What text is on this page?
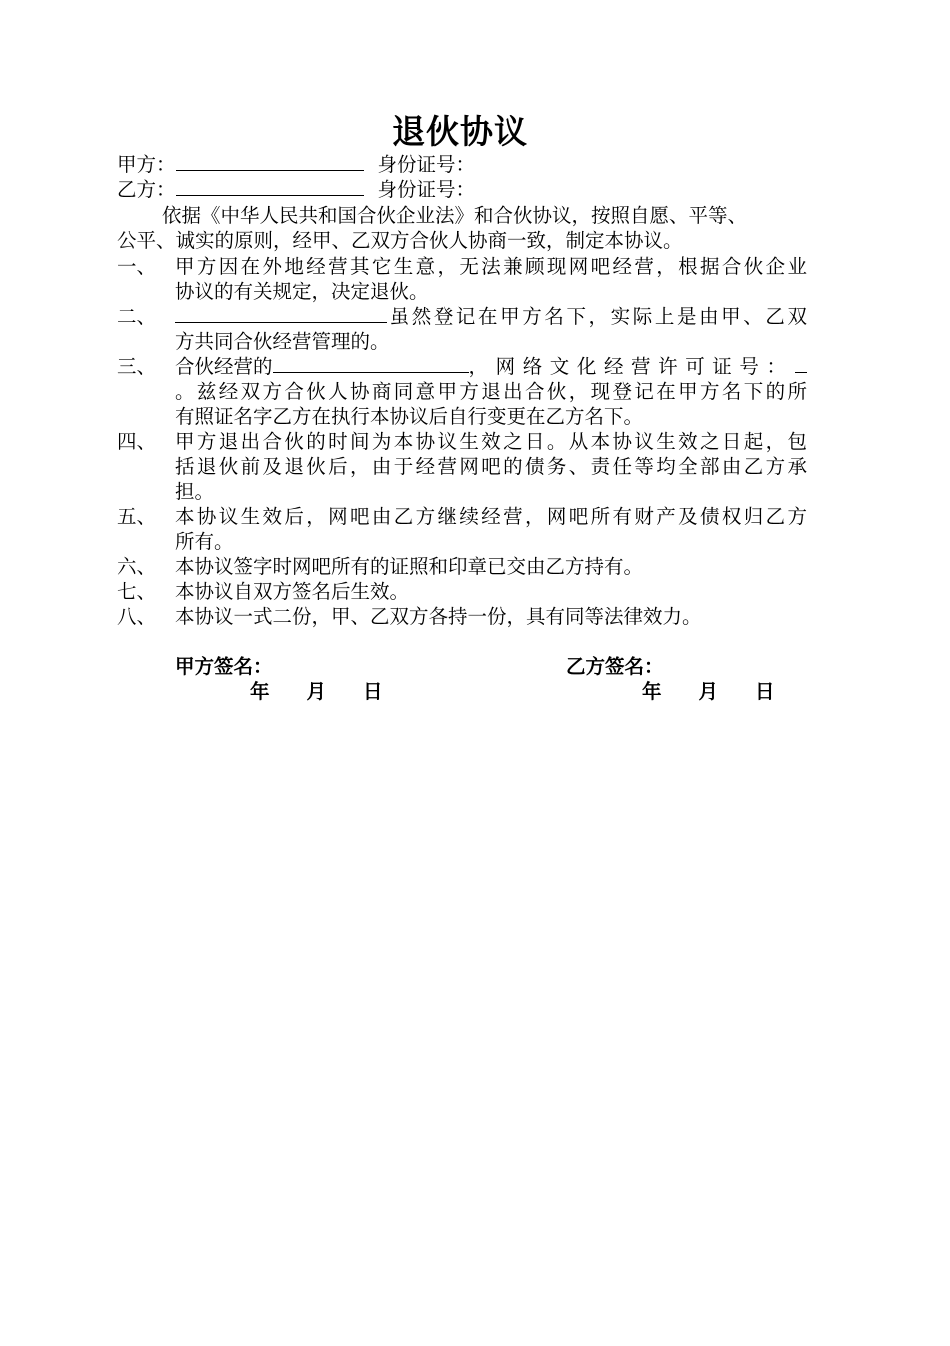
退伙协议
甲方：	身份证号：
乙方：	身份证号：
依据《中华人民共和国合伙企业法》和合伙协议，按照自愿、平等、
公平、诚实的原则，经甲、乙双方合伙人协商一致，制定本协议。
一、 甲方因在外地经营其它生意，无法兼顾现网吧经营，根据合伙企业
协议的有关规定，决定退伙。
二、	虽然登记在甲方名下，实际上是由甲、乙双
方共同合伙经营管理的。
三、 合伙经营的	，网络文化经营许可证号：
。兹经双方合伙人协商同意甲方退出合伙，现登记在甲方名下的所
有照证名字乙方在执行本协议后自行变更在乙方名下。
四、 甲方退出合伙的时间为本协议生效之日。从本协议生效之日起，包
括退伙前及退伙后，由于经营网吧的债务、责任等均全部由乙方承
担。
五、 本协议生效后，网吧由乙方继续经营，网吧所有财产及债权归乙方
所有。
六、 本协议签字时网吧所有的证照和印章已交由乙方持有。
七、 本协议自双方签名后生效。
八、 本协议一式二份，甲、乙双方各持一份，具有同等法律效力。
甲方签名：	乙方签名：
年 月 日	年 月 日
